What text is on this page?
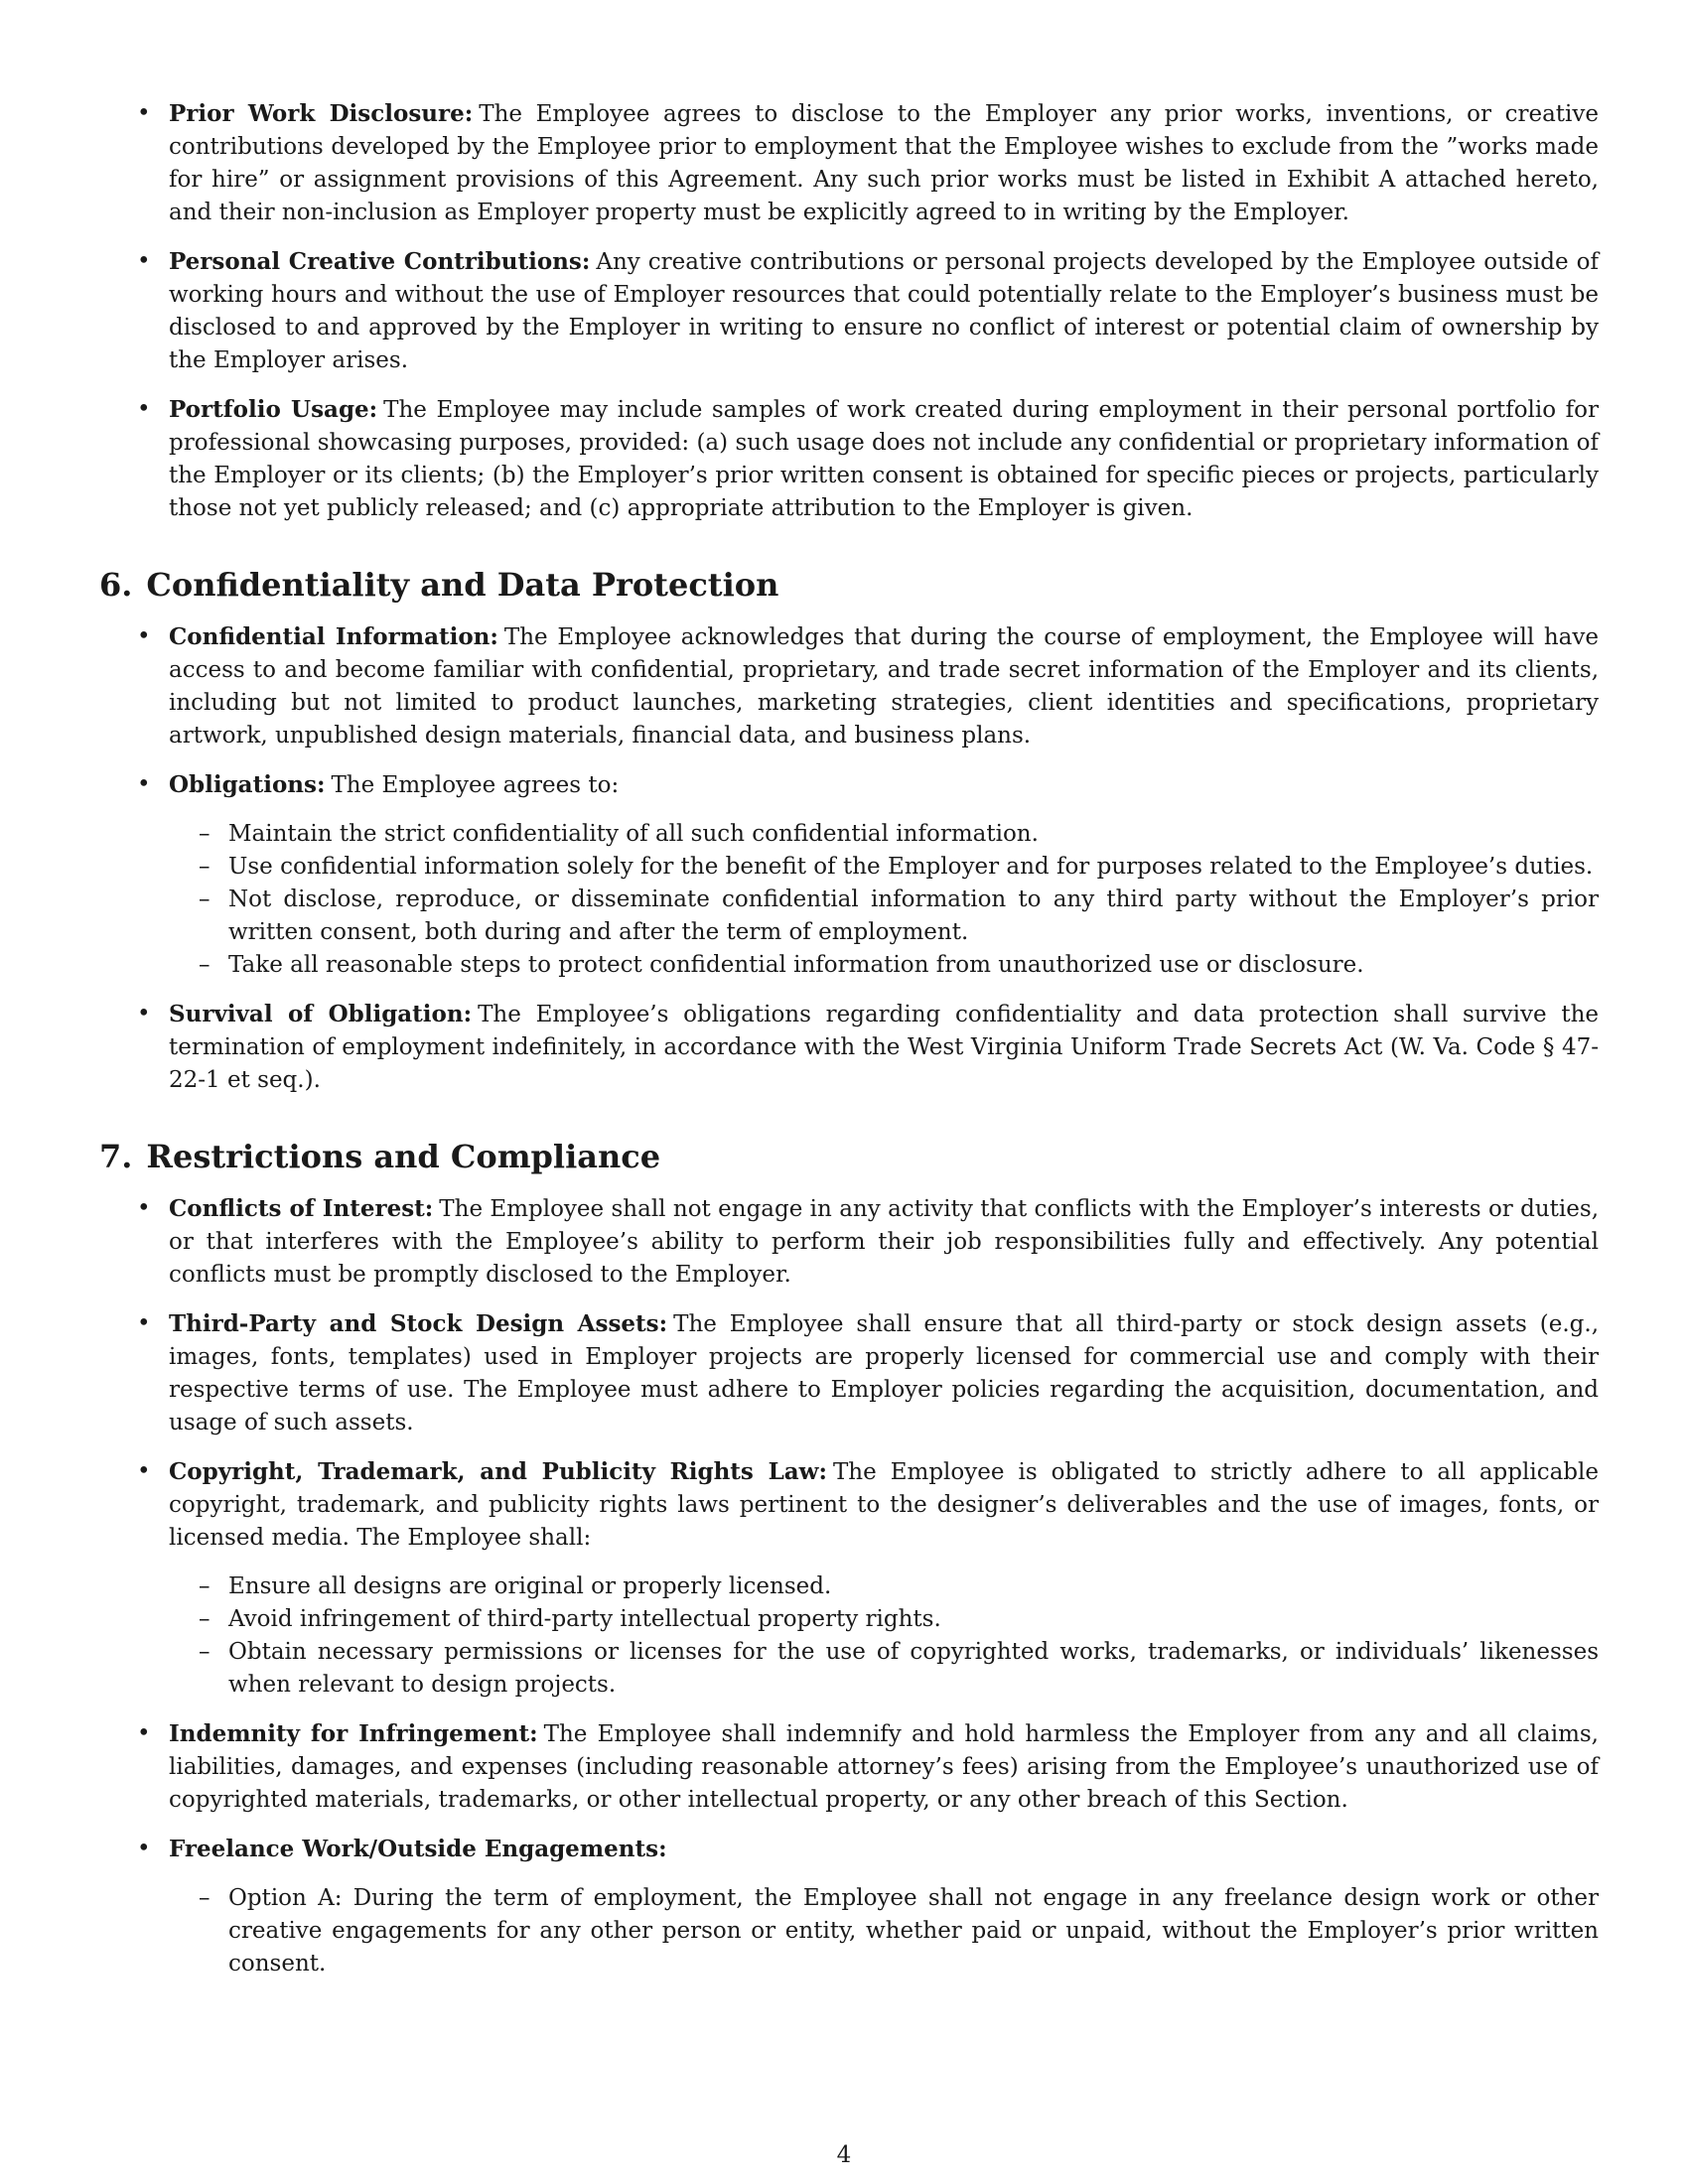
• Prior Work Disclosure: The Employee agrees to disclose to the Employer any prior works, inventions, or creative contributions developed by the Employee prior to employment that the Employee wishes to exclude from the ”works made for hire” or assignment provisions of this Agreement. Any such prior works must be listed in Exhibit A attached hereto, and their non-inclusion as Employer property must be explicitly agreed to in writing by the Employer.
• Personal Creative Contributions: Any creative contributions or personal projects developed by the Employee outside of working hours and without the use of Employer resources that could potentially relate to the Employer’s business must be disclosed to and approved by the Employer in writing to ensure no conflict of interest or potential claim of ownership by the Employer arises.
• Portfolio Usage: The Employee may include samples of work created during employment in their personal portfolio for professional showcasing purposes, provided: (a) such usage does not include any confidential or proprietary information of the Employer or its clients; (b) the Employer’s prior written consent is obtained for specific pieces or projects, particularly those not yet publicly released; and (c) appropriate attribution to the Employer is given.
6. Confidentiality and Data Protection
• Confidential Information: The Employee acknowledges that during the course of employment, the Employee will have access to and become familiar with confidential, proprietary, and trade secret information of the Employer and its clients, including but not limited to product launches, marketing strategies, client identities and specifications, proprietary artwork, unpublished design materials, financial data, and business plans.
• Obligations: The Employee agrees to:
– Maintain the strict confidentiality of all such confidential information.
– Use confidential information solely for the benefit of the Employer and for purposes related to the Employee’s duties.
– Not disclose, reproduce, or disseminate confidential information to any third party without the Employer’s prior written consent, both during and after the term of employment.
– Take all reasonable steps to protect confidential information from unauthorized use or disclosure.
• Survival of Obligation: The Employee’s obligations regarding confidentiality and data protection shall survive the termination of employment indefinitely, in accordance with the West Virginia Uniform Trade Secrets Act (W. Va. Code § 47-22-1 et seq.).
7. Restrictions and Compliance
• Conflicts of Interest: The Employee shall not engage in any activity that conflicts with the Employer’s interests or duties, or that interferes with the Employee’s ability to perform their job responsibilities fully and effectively. Any potential conflicts must be promptly disclosed to the Employer.
• Third-Party and Stock Design Assets: The Employee shall ensure that all third-party or stock design assets (e.g., images, fonts, templates) used in Employer projects are properly licensed for commercial use and comply with their respective terms of use. The Employee must adhere to Employer policies regarding the acquisition, documentation, and usage of such assets.
• Copyright, Trademark, and Publicity Rights Law: The Employee is obligated to strictly adhere to all applicable copyright, trademark, and publicity rights laws pertinent to the designer’s deliverables and the use of images, fonts, or licensed media. The Employee shall:
– Ensure all designs are original or properly licensed.
– Avoid infringement of third-party intellectual property rights.
– Obtain necessary permissions or licenses for the use of copyrighted works, trademarks, or individuals’ likenesses when relevant to design projects.
• Indemnity for Infringement: The Employee shall indemnify and hold harmless the Employer from any and all claims, liabilities, damages, and expenses (including reasonable attorney’s fees) arising from the Employee’s unauthorized use of copyrighted materials, trademarks, or other intellectual property, or any other breach of this Section.
• Freelance Work/Outside Engagements:
– Option A: During the term of employment, the Employee shall not engage in any freelance design work or other creative engagements for any other person or entity, whether paid or unpaid, without the Employer’s prior written consent.
4
